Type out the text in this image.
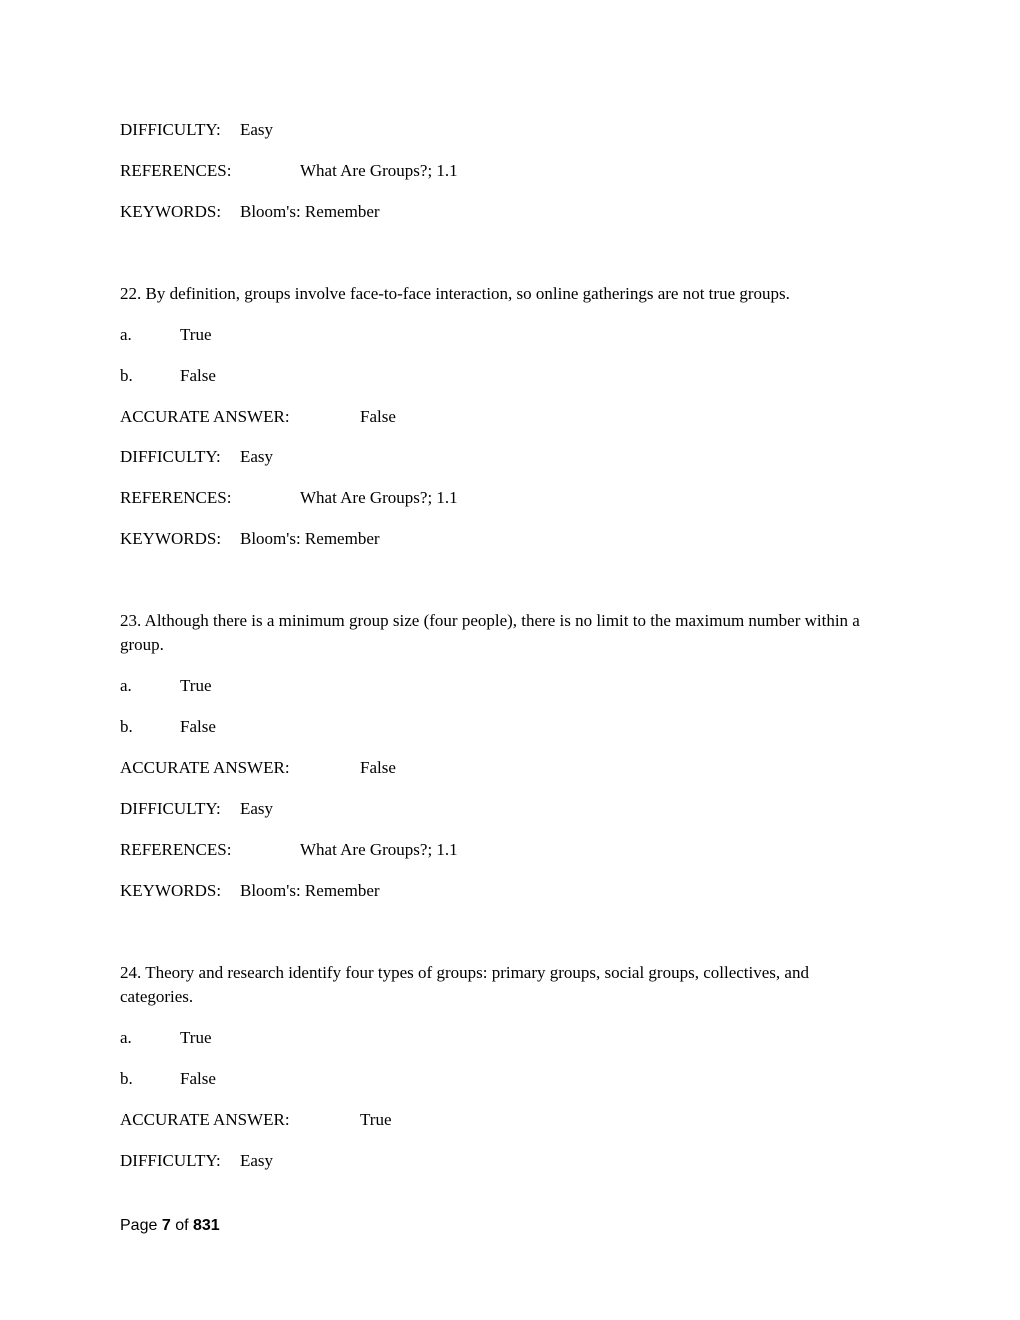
DIFFICULTY: Easy
REFERENCES:	What Are Groups?; 1.1
KEYWORDS: Bloom's: Remember
22. By definition, groups involve face-to-face interaction, so online gatherings are not true groups.
a.	True
b.	False
ACCURATE ANSWER:	False
DIFFICULTY: Easy
REFERENCES:	What Are Groups?; 1.1
KEYWORDS: Bloom's: Remember
23. Although there is a minimum group size (four people), there is no limit to the maximum number within a group.
a.	True
b.	False
ACCURATE ANSWER:	False
DIFFICULTY: Easy
REFERENCES:	What Are Groups?; 1.1
KEYWORDS: Bloom's: Remember
24. Theory and research identify four types of groups: primary groups, social groups, collectives, and categories.
a.	True
b.	False
ACCURATE ANSWER:	True
DIFFICULTY: Easy
Page 7 of 831
